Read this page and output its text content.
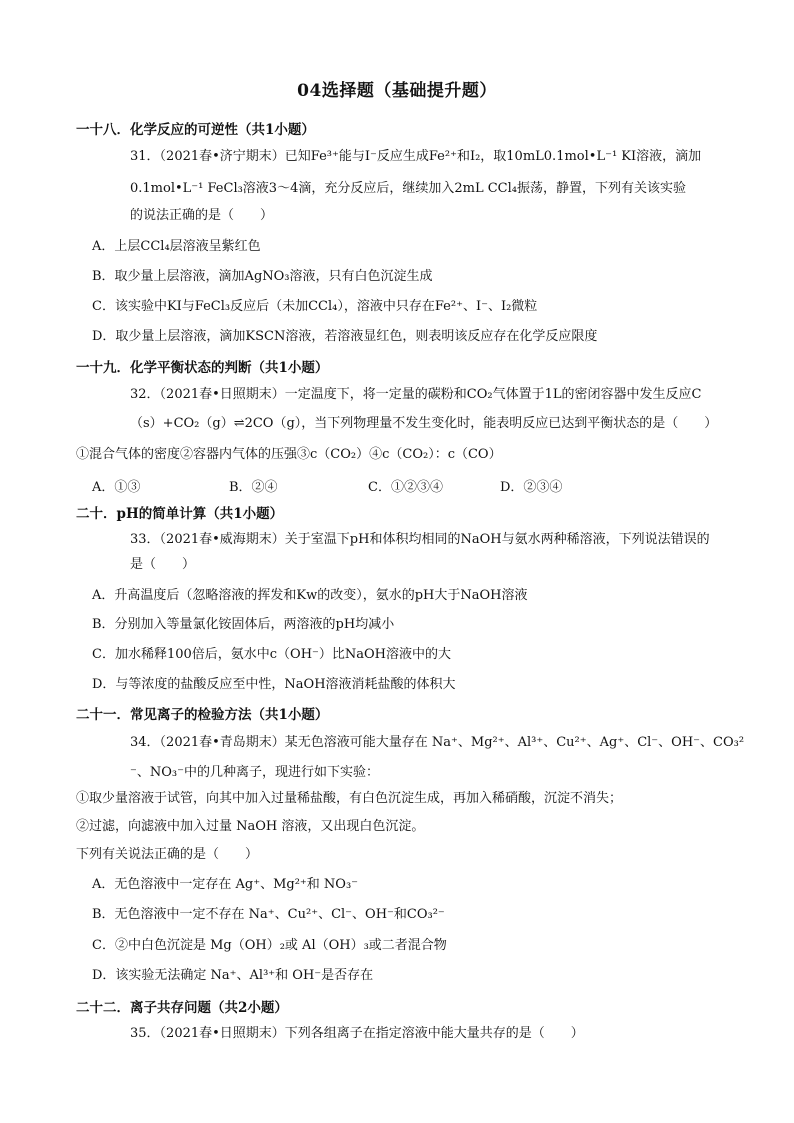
04选择题（基础提升题）
一十八．化学反应的可逆性（共1小题）
31．（2021春•济宁期末）已知Fe³⁺能与I⁻反应生成Fe²⁺和I₂，取10mL0.1mol•L⁻¹ KI溶液，滴加
0.1mol•L⁻¹ FeCl₃溶液3～4滴，充分反应后，继续加入2mL CCl₄振荡，静置，下列有关该实验
的说法正确的是（　　）
A．上层CCl₄层溶液呈紫红色
B．取少量上层溶液，滴加AgNO₃溶液，只有白色沉淀生成
C．该实验中KI与FeCl₃反应后（未加CCl₄），溶液中只存在Fe²⁺、I⁻、I₂微粒
D．取少量上层溶液，滴加KSCN溶液，若溶液显红色，则表明该反应存在化学反应限度
一十九．化学平衡状态的判断（共1小题）
32．（2021春•日照期末）一定温度下，将一定量的碳粉和CO₂气体置于1L的密闭容器中发生反应C
（s）+CO₂（g）⇌2CO（g），当下列物理量不发生变化时，能表明反应已达到平衡状态的是（　　）
①混合气体的密度②容器内气体的压强③c（CO₂）④c（CO₂）：c（CO）
A．①③	B．②④	C．①②③④	D．②③④
二十．pH的简单计算（共1小题）
33．（2021春•威海期末）关于室温下pH和体积均相同的NaOH与氨水两种稀溶液，下列说法错误的
是（　　）
A．升高温度后（忽略溶液的挥发和Kw的改变），氨水的pH大于NaOH溶液
B．分别加入等量氯化铵固体后，两溶液的pH均减小
C．加水稀释100倍后，氨水中c（OH⁻）比NaOH溶液中的大
D．与等浓度的盐酸反应至中性，NaOH溶液消耗盐酸的体积大
二十一．常见离子的检验方法（共1小题）
34．（2021春•青岛期末）某无色溶液可能大量存在 Na⁺、Mg²⁺、Al³⁺、Cu²⁺、Ag⁺、Cl⁻、OH⁻、CO₃²
⁻、NO₃⁻中的几种离子，现进行如下实验：
①取少量溶液于试管，向其中加入过量稀盐酸，有白色沉淀生成，再加入稀硝酸，沉淀不消失；
②过滤，向滤液中加入过量 NaOH 溶液，又出现白色沉淀。
下列有关说法正确的是（　　）
A．无色溶液中一定存在 Ag⁺、Mg²⁺和 NO₃⁻
B．无色溶液中一定不存在 Na⁺、Cu²⁺、Cl⁻、OH⁻和CO₃²⁻
C．②中白色沉淀是 Mg（OH）₂或 Al（OH）₃或二者混合物
D．该实验无法确定 Na⁺、Al³⁺和 OH⁻是否存在
二十二．离子共存问题（共2小题）
35．（2021春•日照期末）下列各组离子在指定溶液中能大量共存的是（　　）
